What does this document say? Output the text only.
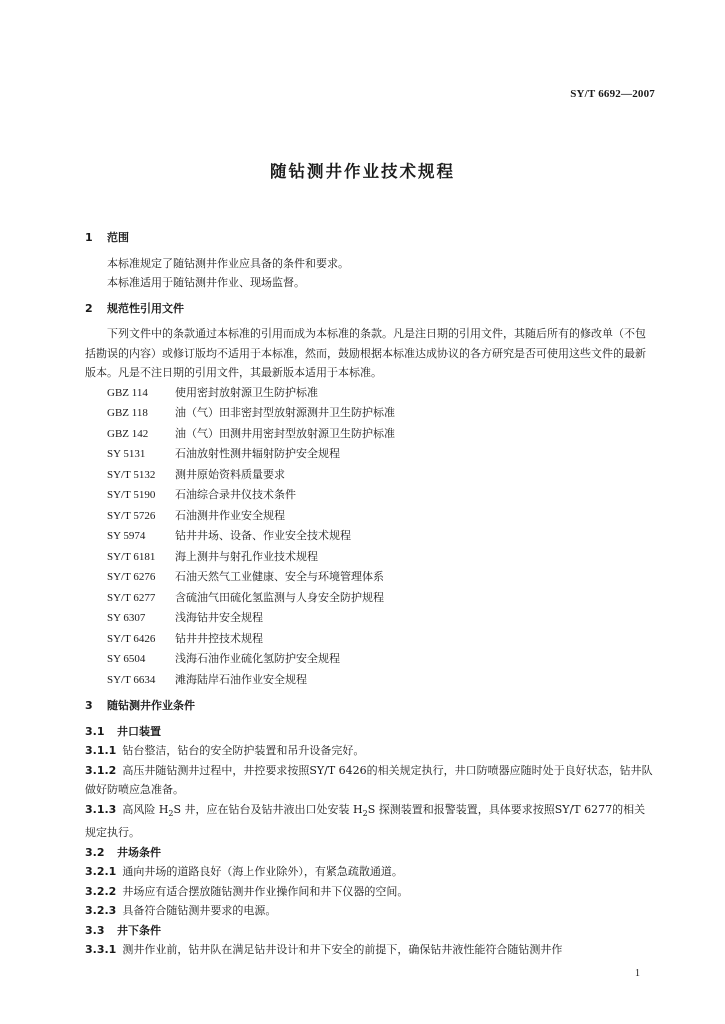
SY/T 6692—2007
随钻测井作业技术规程
1 范围
本标准规定了随钻测井作业应具备的条件和要求。
本标准适用于随钻测井作业、现场监督。
2 规范性引用文件
下列文件中的条款通过本标准的引用而成为本标准的条款。凡是注日期的引用文件，其随后所有的修改单（不包括勘误的内容）或修订版均不适用于本标准，然而，鼓励根据本标准达成协议的各方研究是否可使用这些文件的最新版本。凡是不注日期的引用文件，其最新版本适用于本标准。
GBZ 114 使用密封放射源卫生防护标准
GBZ 118 油（气）田非密封型放射源测井卫生防护标准
GBZ 142 油（气）田测井用密封型放射源卫生防护标准
SY 5131	石油放射性测井辐射防护安全规程
SY/T 5132 测井原始资料质量要求
SY/T 5190 石油综合录井仪技术条件
SY/T 5726 石油测井作业安全规程
SY 5974	钻井井场、设备、作业安全技术规程
SY/T 6181 海上测井与射孔作业技术规程
SY/T 6276 石油天然气工业健康、安全与环境管理体系
SY/T 6277 含硫油气田硫化氢监测与人身安全防护规程
SY 6307	浅海钻井安全规程
SY/T 6426 钻井井控技术规程
SY 6504	浅海石油作业硫化氢防护安全规程
SY/T 6634 滩海陆岸石油作业安全规程
3 随钻测井作业条件
3.1 井口装置
3.1.1 钻台整洁，钻台的安全防护装置和吊升设备完好。
3.1.2 高压井随钻测井过程中，井控要求按照SY/T 6426的相关规定执行，井口防喷器应随时处于良好状态，钻井队做好防喷应急准备。
3.1.3 高风险 $H_2S$ 井，应在钻台及钻井液出口处安装 $H_2S$ 探测装置和报警装置，具体要求按照SY/T 6277的相关规定执行。
3.2 井场条件
3.2.1 通向井场的道路良好（海上作业除外），有紧急疏散通道。
3.2.2 井场应有适合摆放随钻测井作业操作间和井下仪器的空间。
3.2.3 具备符合随钻测井要求的电源。
3.3 井下条件
3.3.1 测井作业前，钻井队在满足钻井设计和井下安全的前提下，确保钻井液性能符合随钻测井作
1
